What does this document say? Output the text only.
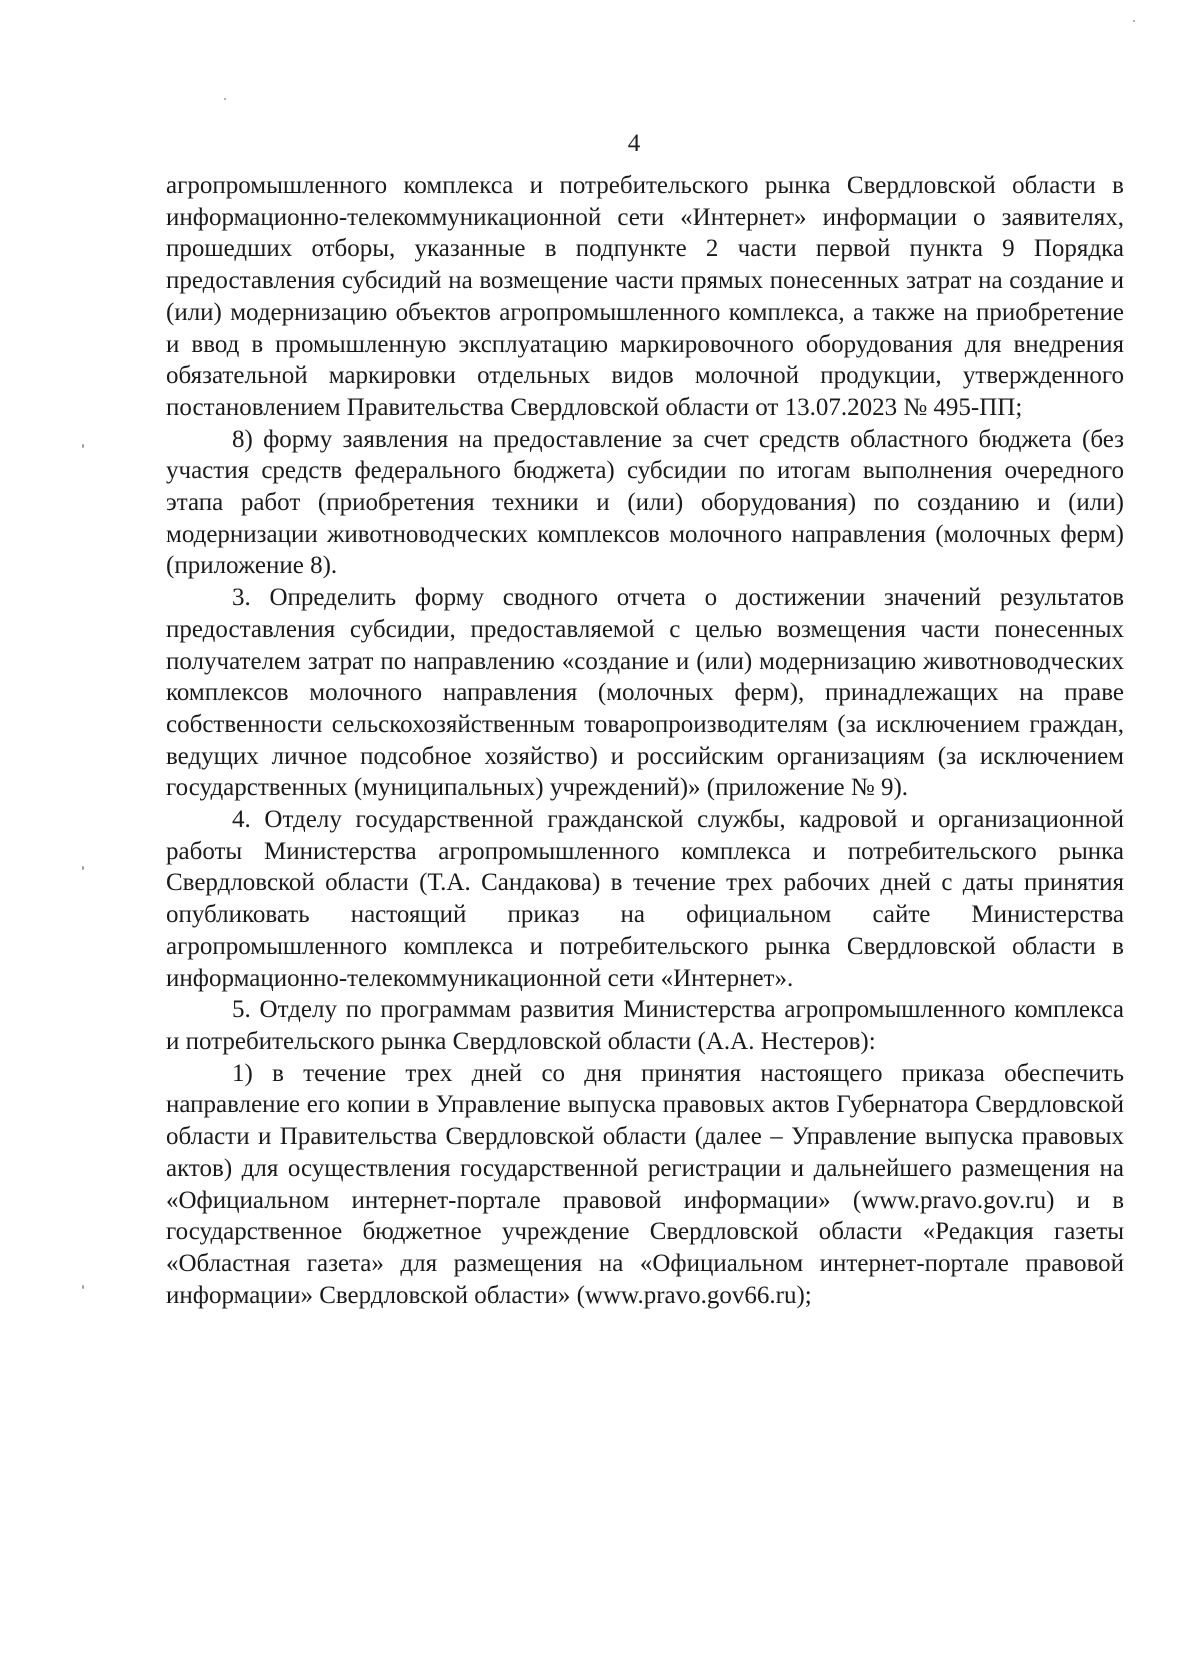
4

агропромышленного комплекса и потребительского рынка Свердловской области в информационно-телекоммуникационной сети «Интернет» информации о заявителях, прошедших отборы, указанные в подпункте 2 части первой пункта 9 Порядка предоставления субсидий на возмещение части прямых понесенных затрат на создание и (или) модернизацию объектов агропромышленного комплекса, а также на приобретение и ввод в промышленную эксплуатацию маркировочного оборудования для внедрения обязательной маркировки отдельных видов молочной продукции, утвержденного постановлением Правительства Свердловской области от 13.07.2023 № 495-ПП;

8) форму заявления на предоставление за счет средств областного бюджета (без участия средств федерального бюджета) субсидии по итогам выполнения очередного этапа работ (приобретения техники и (или) оборудования) по созданию и (или) модернизации животноводческих комплексов молочного направления (молочных ферм) (приложение 8).

3. Определить форму сводного отчета о достижении значений результатов предоставления субсидии, предоставляемой с целью возмещения части понесенных получателем затрат по направлению «создание и (или) модернизацию животноводческих комплексов молочного направления (молочных ферм), принадлежащих на праве собственности сельскохозяйственным товаропроизводителям (за исключением граждан, ведущих личное подсобное хозяйство) и российским организациям (за исключением государственных (муниципальных) учреждений)» (приложение № 9).

4. Отделу государственной гражданской службы, кадровой и организационной работы Министерства агропромышленного комплекса и потребительского рынка Свердловской области (Т.А. Сандакова) в течение трех рабочих дней с даты принятия опубликовать настоящий приказ на официальном сайте Министерства агропромышленного комплекса и потребительского рынка Свердловской области в информационно-телекоммуникационной сети «Интернет».

5. Отделу по программам развития Министерства агропромышленного комплекса и потребительского рынка Свердловской области (А.А. Нестеров):

1) в течение трех дней со дня принятия настоящего приказа обеспечить направление его копии в Управление выпуска правовых актов Губернатора Свердловской области и Правительства Свердловской области (далее – Управление выпуска правовых актов) для осуществления государственной регистрации и дальнейшего размещения на «Официальном интернет-портале правовой информации» (www.pravo.gov.ru) и в государственное бюджетное учреждение Свердловской области «Редакция газеты «Областная газета» для размещения на «Официальном интернет-портале правовой информации» Свердловской области» (www.pravo.gov66.ru);
